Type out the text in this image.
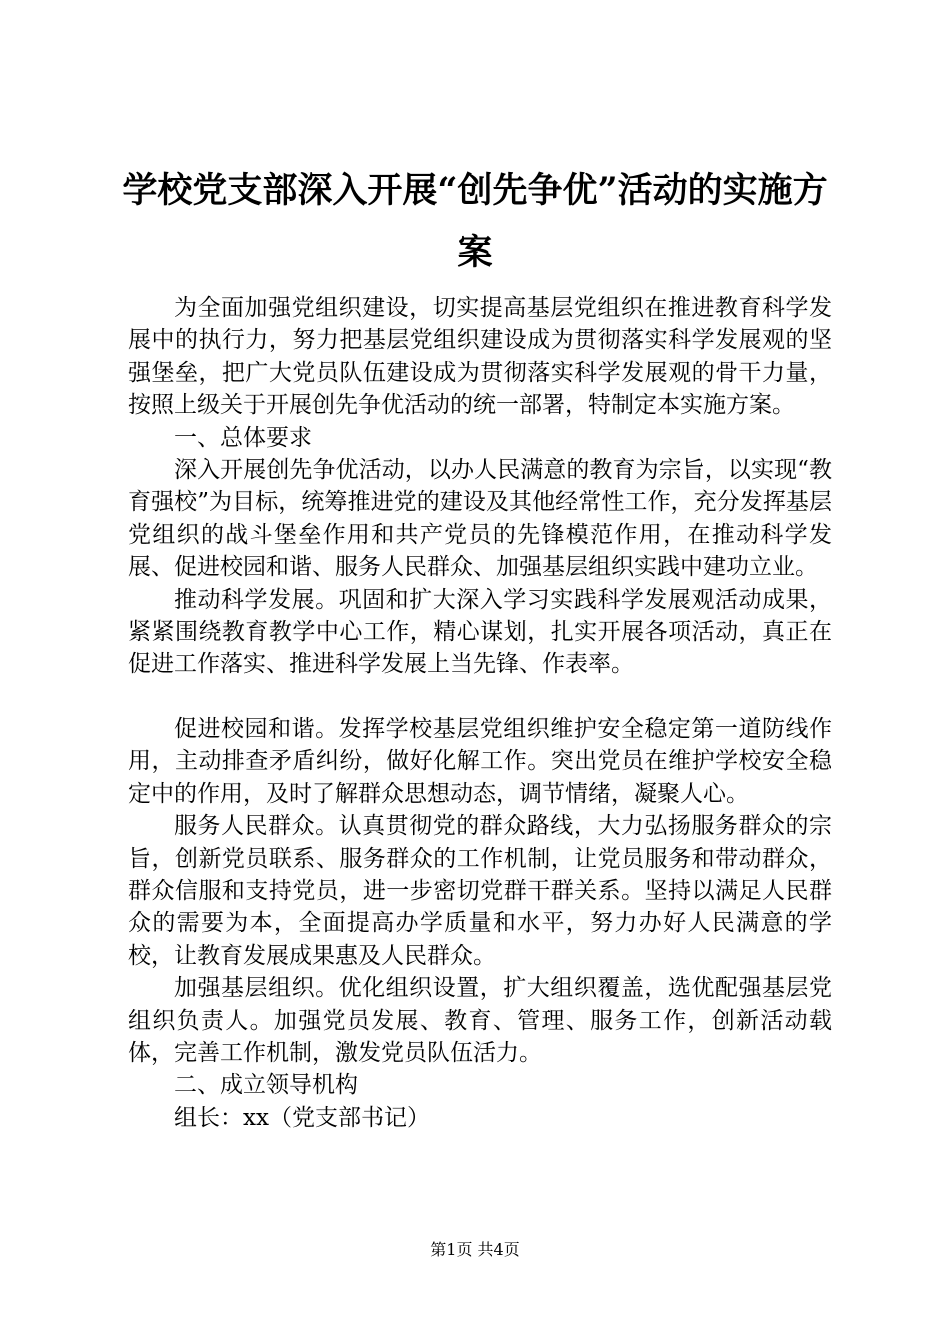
学校党支部深入开展“创先争优”活动的实施方案

为全面加强党组织建设，切实提高基层党组织在推进教育科学发展中的执行力，努力把基层党组织建设成为贯彻落实科学发展观的坚强堡垒，把广大党员队伍建设成为贯彻落实科学发展观的骨干力量，按照上级关于开展创先争优活动的统一部署，特制定本实施方案。

一、总体要求

深入开展创先争优活动，以办人民满意的教育为宗旨，以实现“教育强校”为目标，统筹推进党的建设及其他经常性工作，充分发挥基层党组织的战斗堡垒作用和共产党员的先锋模范作用，在推动科学发展、促进校园和谐、服务人民群众、加强基层组织实践中建功立业。

推动科学发展。巩固和扩大深入学习实践科学发展观活动成果，紧紧围绕教育教学中心工作，精心谋划，扎实开展各项活动，真正在促进工作落实、推进科学发展上当先锋、作表率。

促进校园和谐。发挥学校基层党组织维护安全稳定第一道防线作用，主动排查矛盾纠纷，做好化解工作。突出党员在维护学校安全稳定中的作用，及时了解群众思想动态，调节情绪，凝聚人心。

服务人民群众。认真贯彻党的群众路线，大力弘扬服务群众的宗旨，创新党员联系、服务群众的工作机制，让党员服务和带动群众，群众信服和支持党员，进一步密切党群干群关系。坚持以满足人民群众的需要为本，全面提高办学质量和水平，努力办好人民满意的学校，让教育发展成果惠及人民群众。

加强基层组织。优化组织设置，扩大组织覆盖，选优配强基层党组织负责人。加强党员发展、教育、管理、服务工作，创新活动载体，完善工作机制，激发党员队伍活力。

二、成立领导机构

组长：xx（党支部书记）

第1页 共4页
